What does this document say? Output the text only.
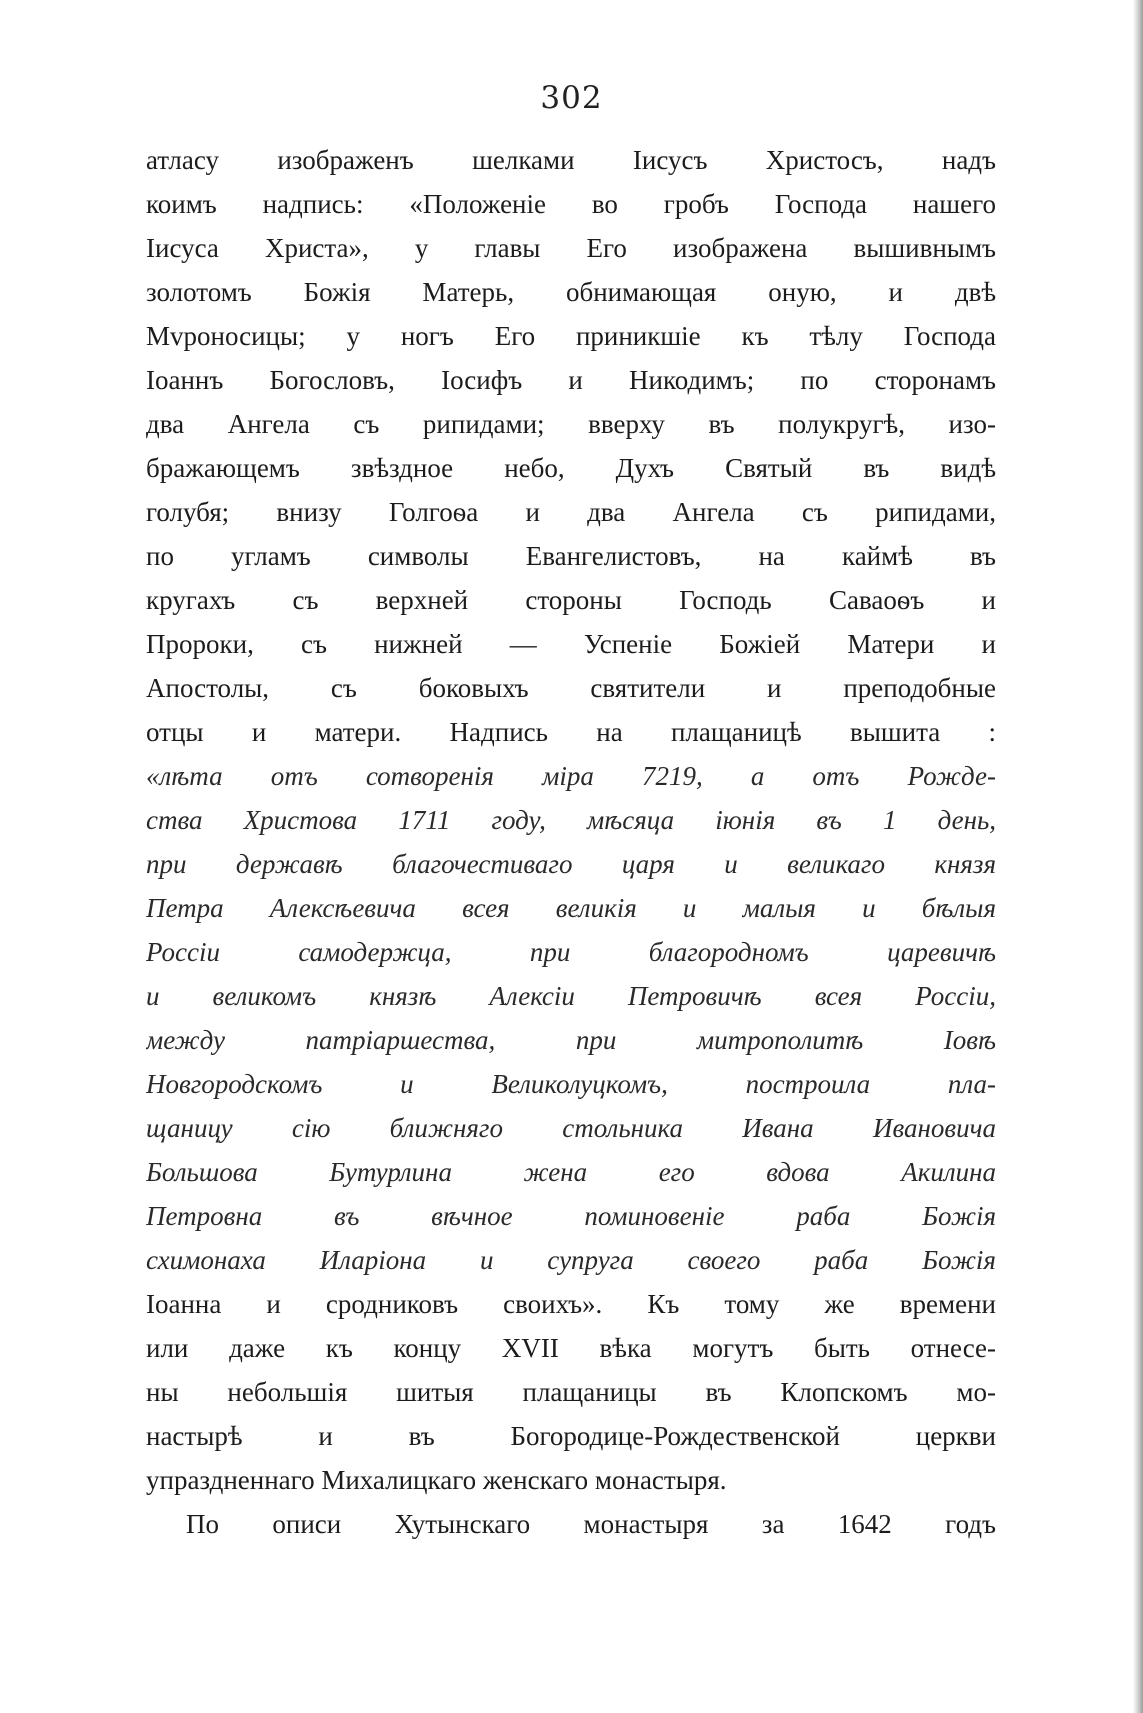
302
атласу изображенъ шелками Іисусъ Христосъ, надъ
коимъ надпись: «Положеніе во гробъ Господа нашего
Іисуса Христа», у главы Его изображена вышивнымъ
золотомъ Божія Матерь, обнимающая оную, и двѣ
Мvроносицы; у ногъ Его приникшіе къ тѣлу Господа
Іоаннъ Богословъ, Іосифъ и Никодимъ; по сторонамъ
два Ангела съ рипидами; вверху въ полукругѣ, изо-
бражающемъ звѣздное небо, Духъ Святый въ видѣ
голубя; внизу Голгоѳа и два Ангела съ рипидами,
по угламъ символы Евангелистовъ, на каймѣ въ
кругахъ съ верхней стороны Господь Саваоѳъ и
Пророки, съ нижней — Успеніе Божіей Матери и
Апостолы, съ боковыхъ святители и преподобные
отцы и матери. Надпись на плащаницѣ вышита :
«лѣта отъ сотворенія міра 7219, а отъ Рожде-
ства Христова 1711 году, мѣсяца іюнія въ 1 день,
при державѣ благочестиваго царя и великаго князя
Петра Алексѣевича всея великія и малыя и бѣлыя
Россіи самодержца, при благородномъ царевичѣ
и великомъ князѣ Алексіи Петровичѣ всея Россіи,
между патріаршества, при митрополитѣ Іовѣ
Новгородскомъ и Великолуцкомъ, построила пла-
щаницу сію ближняго стольника Ивана Ивановича
Большова Бутурлина жена его вдова Акилина
Петровна въ вѣчное поминовеніе раба Божія
схимонаха Иларіона и супруга своего раба Божія
Іоанна и сродниковъ своихъ». Къ тому же времени
или даже къ концу XVII вѣка могутъ быть отнесе-
ны небольшія шитыя плащаницы въ Клопскомъ мо-
настырѣ и въ Богородице-Рождественской церкви
упраздненнаго Михалицкаго женскаго монастыря.
По описи Хутынскаго монастыря за 1642 годъ
